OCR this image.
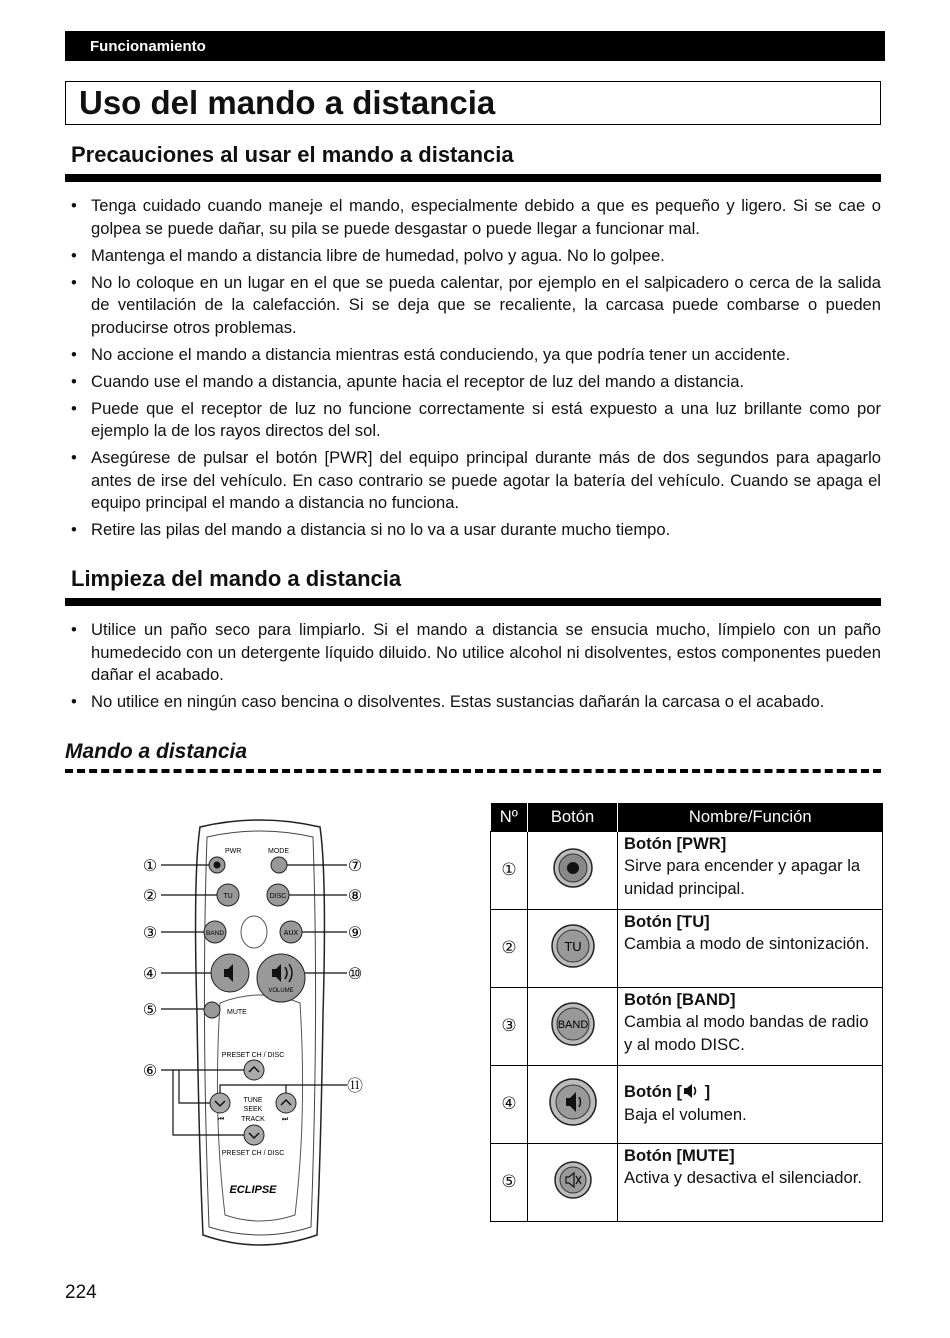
Funcionamiento
Uso del mando a distancia
Precauciones al usar el mando a distancia
• Tenga cuidado cuando maneje el mando, especialmente debido a que es pequeño y ligero. Si se cae o golpea se puede dañar, su pila se puede desgastar o puede llegar a funcionar mal.
• Mantenga el mando a distancia libre de humedad, polvo y agua. No lo golpee.
• No lo coloque en un lugar en el que se pueda calentar, por ejemplo en el salpicadero o cerca de la salida de ventilación de la calefacción. Si se deja que se recaliente, la carcasa puede combarse o pueden producirse otros problemas.
• No accione el mando a distancia mientras está conduciendo, ya que podría tener un accidente.
• Cuando use el mando a distancia, apunte hacia el receptor de luz del mando a distancia.
• Puede que el receptor de luz no funcione correctamente si está expuesto a una luz brillante como por ejemplo la de los rayos directos del sol.
• Asegúrese de pulsar el botón [PWR] del equipo principal durante más de dos segundos para apagarlo antes de irse del vehículo. En caso contrario se puede agotar la batería del vehículo. Cuando se apaga el equipo principal el mando a distancia no funciona.
• Retire las pilas del mando a distancia si no lo va a usar durante mucho tiempo.
Limpieza del mando a distancia
• Utilice un paño seco para limpiarlo. Si el mando a distancia se ensucia mucho, límpielo con un paño humedecido con un detergente líquido diluido. No utilice alcohol ni disolventes, estos componentes pueden dañar el acabado.
• No utilice en ningún caso bencina o disolventes. Estas sustancias dañarán la carcasa o el acabado.
Mando a distancia
PWR	MODE
TU	DISC
BAND	AUX
VOLUME
MUTE
PRESET CH / DISC
TUNE
SEEK
TRACK
⏮	⏭
PRESET CH / DISC
ECLIPSE
①
②
③
④
⑤
⑥
⑦
⑧
⑨
⑩
⑪
Nº	Botón	Nombre/Función
①		Botón [PWR]
Sirve para encender y apagar la unidad principal.
②	TU	Botón [TU]
Cambia a modo de sintonización.
③	BAND	Botón [BAND]
Cambia al modo bandas de radio y al modo DISC.
④		Botón [ ]
Baja el volumen.
⑤		Botón [MUTE]
Activa y desactiva el silenciador.
224
